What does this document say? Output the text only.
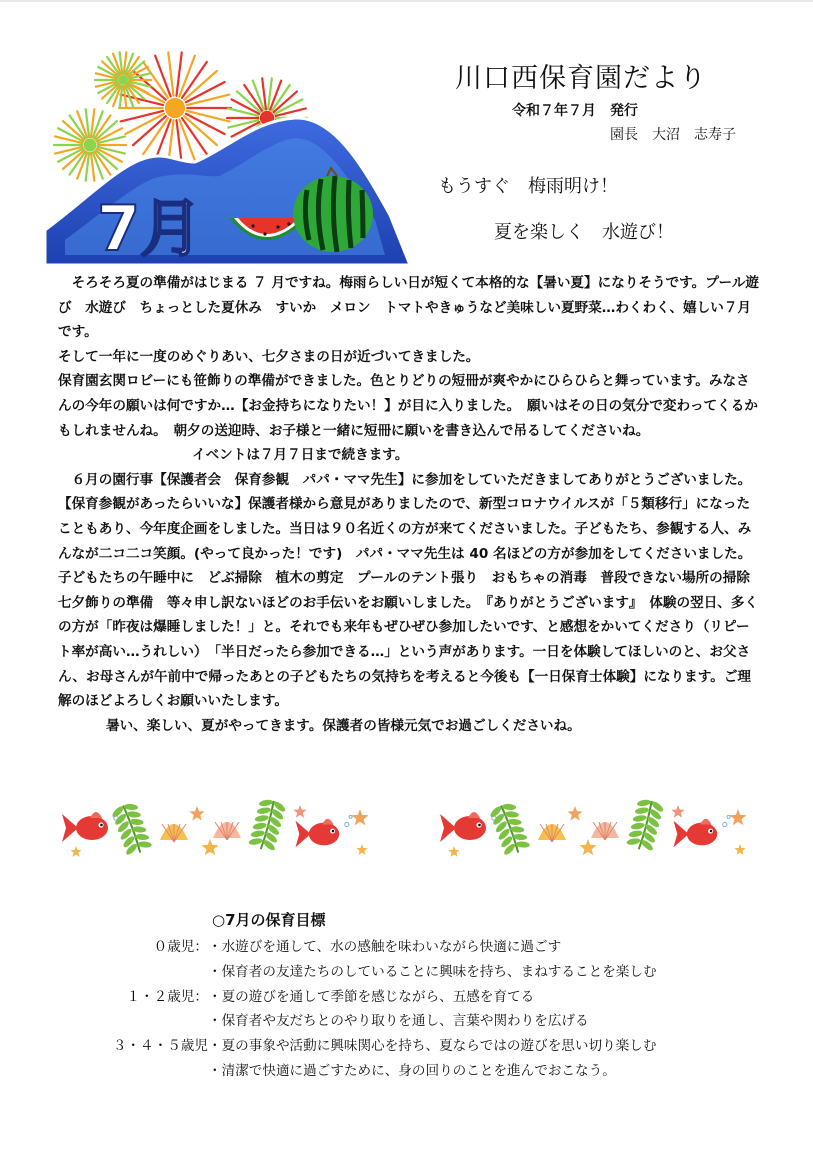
7月
川口西保育園だより
令和７年７月　発行
園長　大沼　志寿子
もうすぐ　梅雨明け！
夏を楽しく　水遊び！

そろそろ夏の準備がはじまる ７ 月ですね。梅雨らしい日が短くて本格的な【暑い夏】になりそうです。プール遊び　水遊び　ちょっとした夏休み　すいか　メロン　トマトやきゅうなど美味しい夏野菜…わくわく、嬉しい７月です。

そして一年に一度のめぐりあい、七夕さまの日が近づいてきました。

保育園玄関ロビーにも笹飾りの準備ができました。色とりどりの短冊が爽やかにひらひらと舞っています。みなさんの今年の願いは何ですか…【お金持ちになりたい！】が目に入りました。　願いはその日の気分で変わってくるかもしれませんね。　朝夕の送迎時、お子様と一緒に短冊に願いを書き込んで吊るしてくださいね。

イベントは７月７日まで続きます。

６月の園行事【保護者会　保育参観　パパ・ママ先生】に参加をしていただきましてありがとうございました。【保育参観があったらいいな】保護者様から意見がありましたので、新型コロナウイルスが「５類移行」になったこともあり、今年度企画をしました。当日は９０名近くの方が来てくださいました。子どもたち、参観する人、みんなが二コ二コ笑顔。(やって良かった！です)　パパ・ママ先生は 40 名ほどの方が参加をしてくださいました。子どもたちの午睡中に　どぶ掃除　植木の剪定　プールのテント張り　おもちゃの消毒　普段できない場所の掃除　七夕飾りの準備　等々申し訳ないほどのお手伝いをお願いしました。　『ありがとうございます』　体験の翌日、多くの方が「昨夜は爆睡しました！」と。それでも来年もぜひぜひ参加したいです、と感想をかいてくださり（リピート率が高い…うれしい）　「半日だったら参加できる…」という声があります。一日を体験してほしいのと、お父さん、お母さんが午前中で帰ったあとの子どもたちの気持ちを考えると今後も【一日保育士体験】になります。ご理解のほどよろしくお願いいたします。

暑い、楽しい、夏がやってきます。保護者の皆様元気でお過ごしくださいね。

○7月の保育目標
０歳児： ・水遊びを通して、水の感触を味わいながら快適に過ごす
・保育者の友達たちのしていることに興味を持ち、まねすることを楽しむ
１・２歳児： ・夏の遊びを通して季節を感じながら、五感を育てる
・保育者や友だちとのやり取りを通し、言葉や関わりを広げる
３・４・５歳児 ・夏の事象や活動に興味関心を持ち、夏ならではの遊びを思い切り楽しむ
・清潔で快適に過ごすために、身の回りのことを進んでおこなう。
